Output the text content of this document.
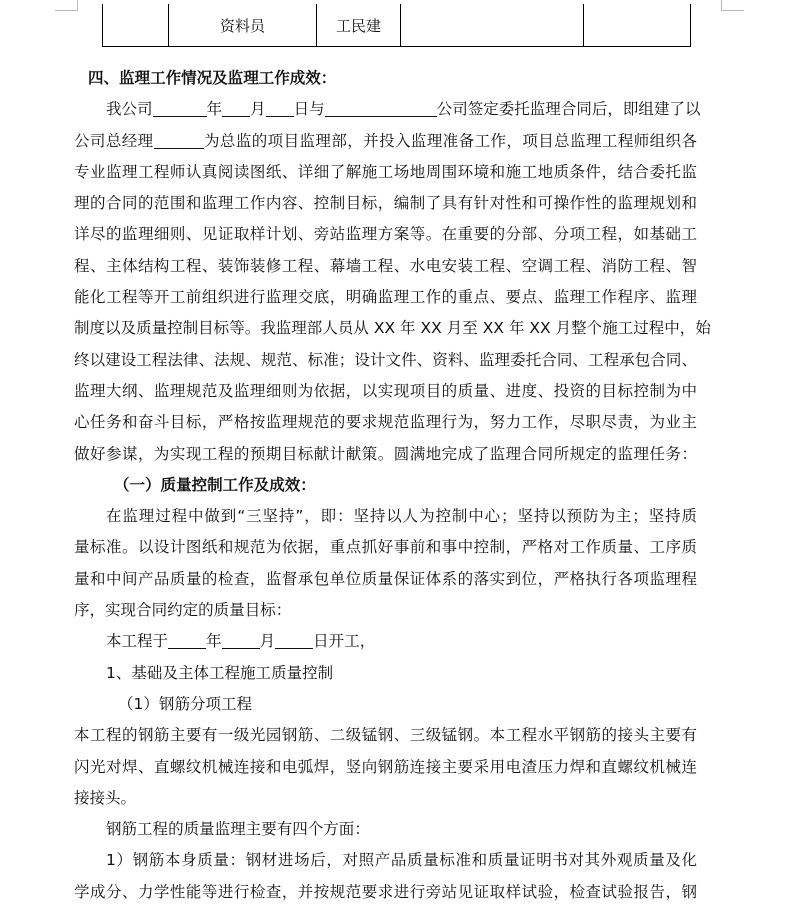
资料员	工民建
四、监理工作情况及监理工作成效：
我公司	年 月 日与	公司签定委托监理合同后，即组建了以
公司总经理	为总监的项目监理部，并投入监理准备工作，项目总监理工程师组织各
专业监理工程师认真阅读图纸、详细了解施工场地周围环境和施工地质条件，结合委托监
理的合同的范围和监理工作内容、控制目标，编制了具有针对性和可操作性的监理规划和
详尽的监理细则、见证取样计划、旁站监理方案等。在重要的分部、分项工程，如基础工
程、主体结构工程、装饰装修工程、幕墙工程、水电安装工程、空调工程、消防工程、智
能化工程等开工前组织进行监理交底，明确监理工作的重点、要点、监理工作程序、监理
制度以及质量控制目标等。我监理部人员从 XX 年 XX 月至 XX 年 XX 月整个施工过程中，始
终以建设工程法律、法规、规范、标准；设计文件、资料、监理委托合同、工程承包合同、
监理大纲、监理规范及监理细则为依据，以实现项目的质量、进度、投资的目标控制为中
心任务和奋斗目标，严格按监理规范的要求规范监理行为，努力工作，尽职尽责，为业主
做好参谋，为实现工程的预期目标献计献策。圆满地完成了监理合同所规定的监理任务：
（一）质量控制工作及成效：
在监理过程中做到“三坚持”，即：坚持以人为控制中心；坚持以预防为主；坚持质
量标准。以设计图纸和规范为依据，重点抓好事前和事中控制，严格对工作质量、工序质
量和中间产品质量的检查，监督承包单位质量保证体系的落实到位，严格执行各项监理程
序，实现合同约定的质量目标：
本工程于 年 月 日开工，
1、基础及主体工程施工质量控制
（1）钢筋分项工程
本工程的钢筋主要有一级光园钢筋、二级锰钢、三级锰钢。本工程水平钢筋的接头主要有
闪光对焊、直螺纹机械连接和电弧焊，竖向钢筋连接主要采用电渣压力焊和直螺纹机械连
接接头。
钢筋工程的质量监理主要有四个方面：
1）钢筋本身质量：钢材进场后，对照产品质量标准和质量证明书对其外观质量及化
学成分、力学性能等进行检查，并按规范要求进行旁站见证取样试验，检查试验报告，钢
